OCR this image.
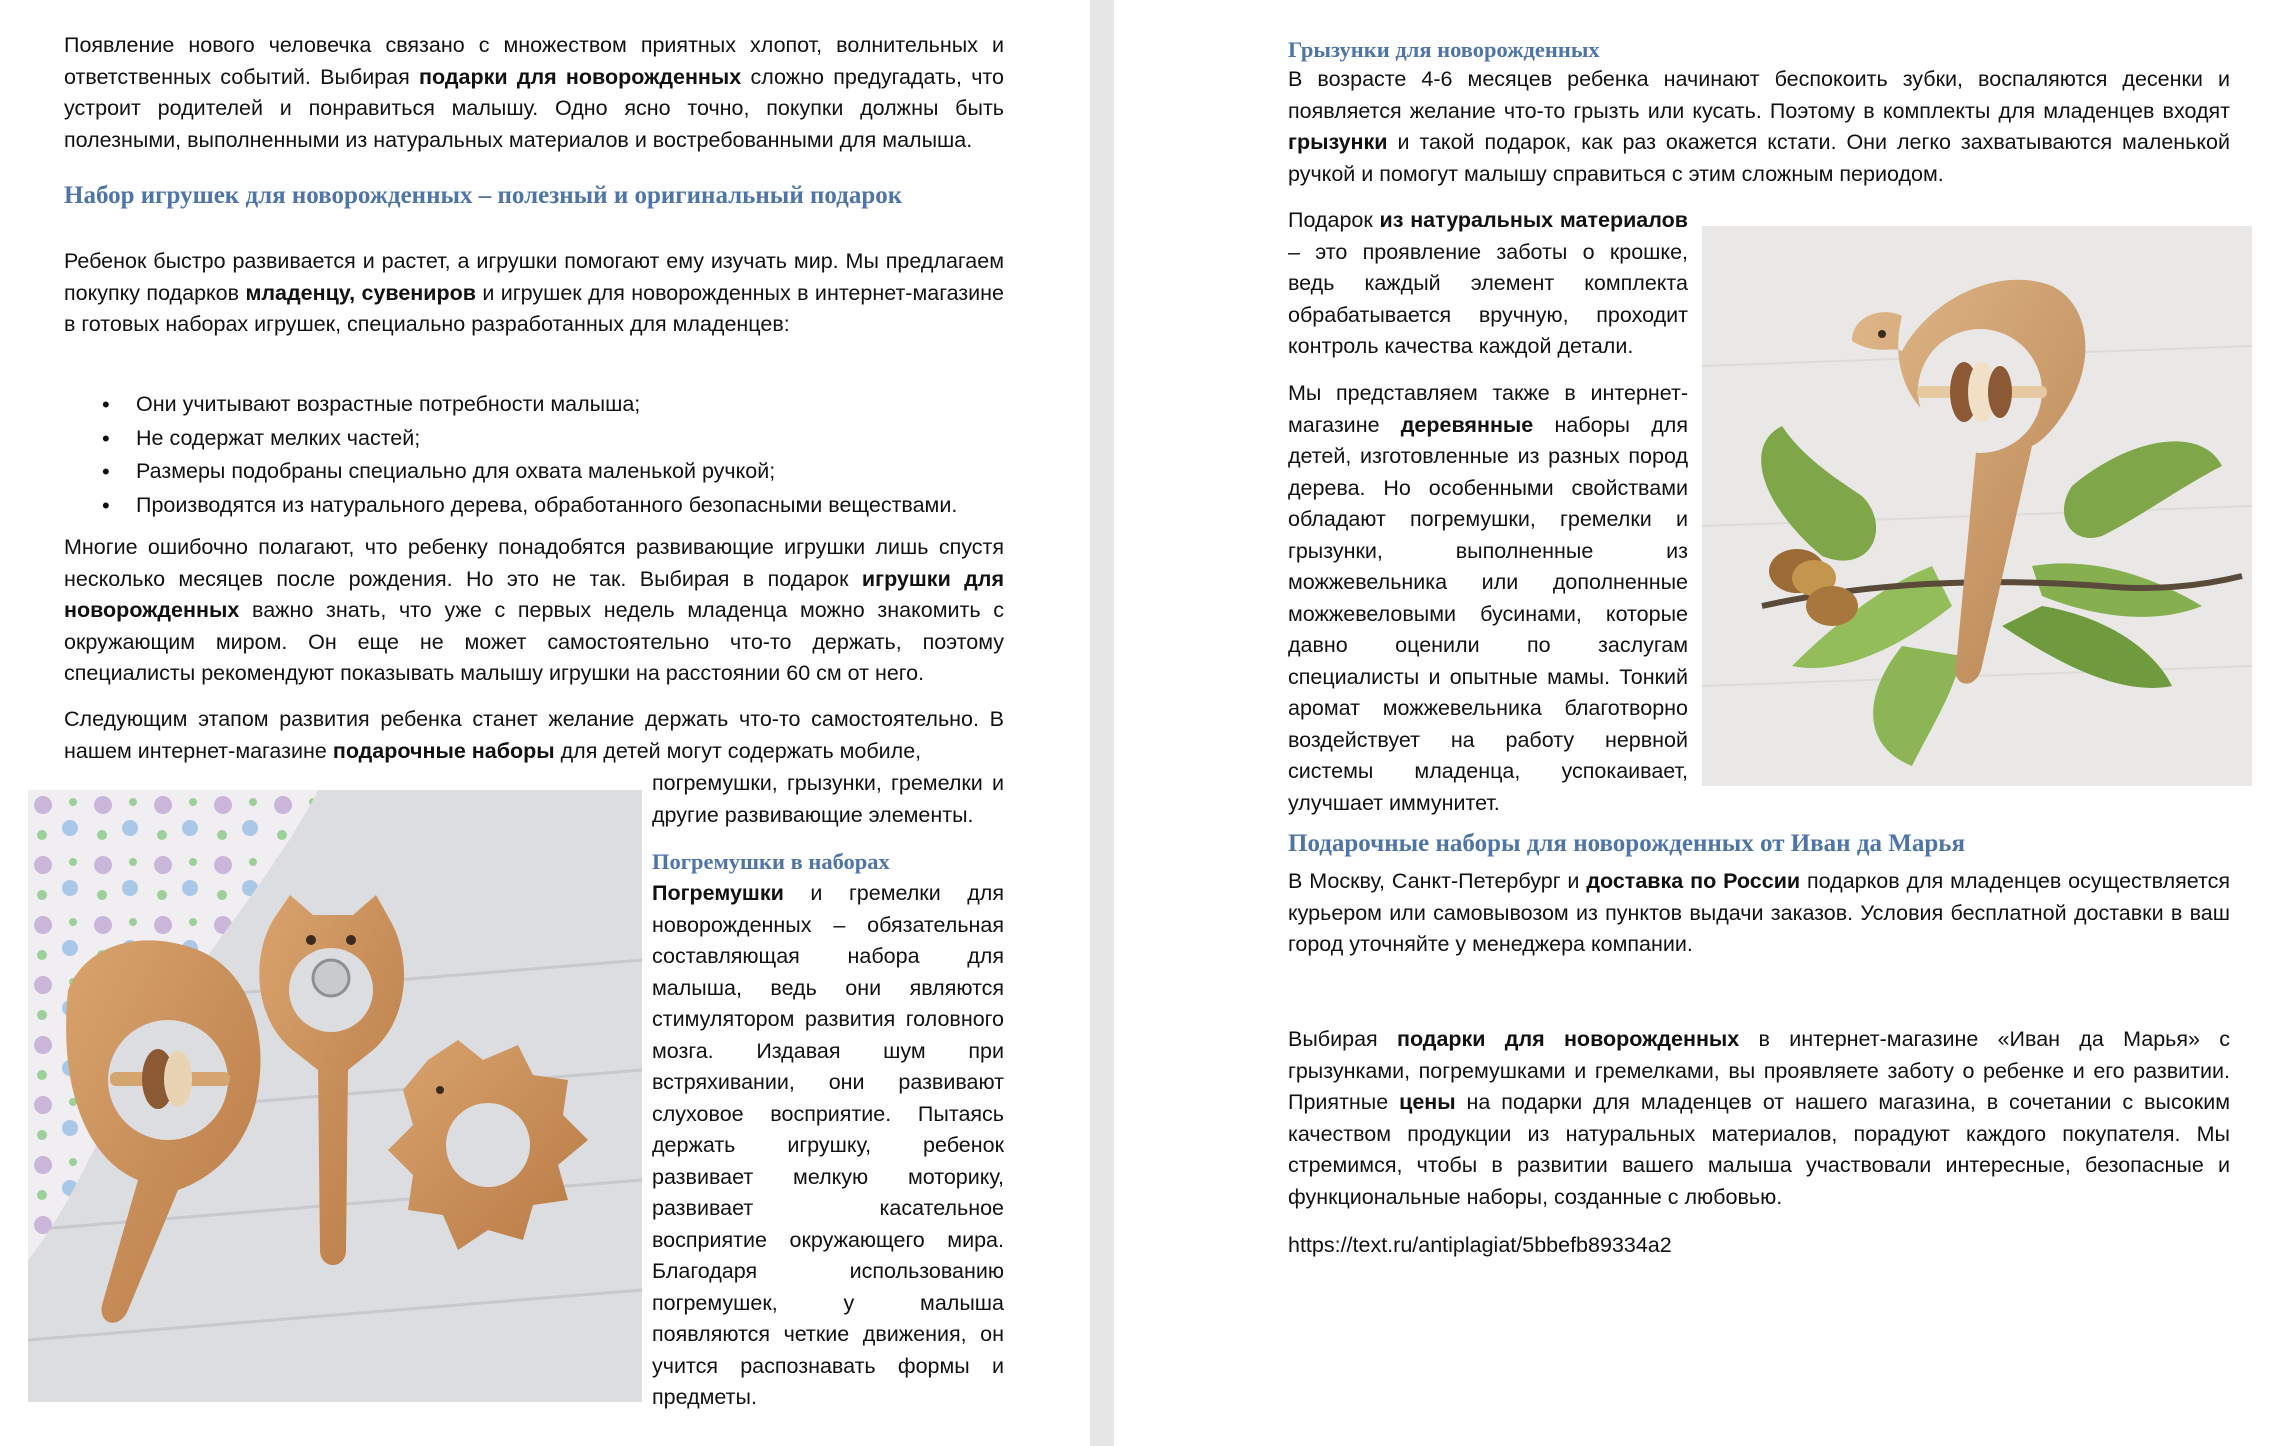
Появление нового человечка связано с множеством приятных хлопот, волнительных и ответственных событий. Выбирая подарки для новорожденных сложно предугадать, что устроит родителей и понравиться малышу. Одно ясно точно, покупки должны быть полезными, выполненными из натуральных материалов и востребованными для малыша.

Набор игрушек для новорожденных – полезный и оригинальный подарок

Ребенок быстро развивается и растет, а игрушки помогают ему изучать мир. Мы предлагаем покупку подарков младенцу, сувениров и игрушек для новорожденных в интернет-магазине в готовых наборах игрушек, специально разработанных для младенцев:

• Они учитывают возрастные потребности малыша;
• Не содержат мелких частей;
• Размеры подобраны специально для охвата маленькой ручкой;
• Производятся из натурального дерева, обработанного безопасными веществами.

Многие ошибочно полагают, что ребенку понадобятся развивающие игрушки лишь спустя несколько месяцев после рождения. Но это не так. Выбирая в подарок игрушки для новорожденных важно знать, что уже с первых недель младенца можно знакомить с окружающим миром. Он еще не может самостоятельно что-то держать, поэтому специалисты рекомендуют показывать малышу игрушки на расстоянии 60 см от него.

Следующим этапом развития ребенка станет желание держать что-то самостоятельно. В нашем интернет-магазине подарочные наборы для детей могут содержать мобиле,

погремушки, грызунки, гремелки и другие развивающие элементы.

Погремушки в наборах

Погремушки и гремелки для новорожденных – обязательная составляющая набора для малыша, ведь они являются стимулятором развития головного мозга. Издавая шум при встряхивании, они развивают слуховое восприятие. Пытаясь держать игрушку, ребенок развивает мелкую моторику, развивает касательное восприятие окружающего мира. Благодаря использованию погремушек, у малыша появляются четкие движения, он учится распознавать формы и предметы.

Грызунки для новорожденных

В возрасте 4-6 месяцев ребенка начинают беспокоить зубки, воспаляются десенки и появляется желание что-то грызть или кусать. Поэтому в комплекты для младенцев входят грызунки и такой подарок, как раз окажется кстати. Они легко захватываются маленькой ручкой и помогут малышу справиться с этим сложным периодом.

Подарок из натуральных материалов – это проявление заботы о крошке, ведь каждый элемент комплекта обрабатывается вручную, проходит контроль качества каждой детали.

Мы представляем также в интернет-магазине деревянные наборы для детей, изготовленные из разных пород дерева. Но особенными свойствами обладают погремушки, гремелки и грызунки, выполненные из можжевельника или дополненные можжевеловыми бусинами, которые давно оценили по заслугам специалисты и опытные мамы. Тонкий аромат можжевельника благотворно воздействует на работу нервной системы младенца, успокаивает, улучшает иммунитет.

Подарочные наборы для новорожденных от Иван да Марья

В Москву, Санкт-Петербург и доставка по России подарков для младенцев осуществляется курьером или самовывозом из пунктов выдачи заказов. Условия бесплатной доставки в ваш город уточняйте у менеджера компании.

Выбирая подарки для новорожденных в интернет-магазине «Иван да Марья» с грызунками, погремушками и гремелками, вы проявляете заботу о ребенке и его развитии. Приятные цены на подарки для младенцев от нашего магазина, в сочетании с высоким качеством продукции из натуральных материалов, порадуют каждого покупателя. Мы стремимся, чтобы в развитии вашего малыша участвовали интересные, безопасные и функциональные наборы, созданные с любовью.

https://text.ru/antiplagiat/5bbefb89334a2
